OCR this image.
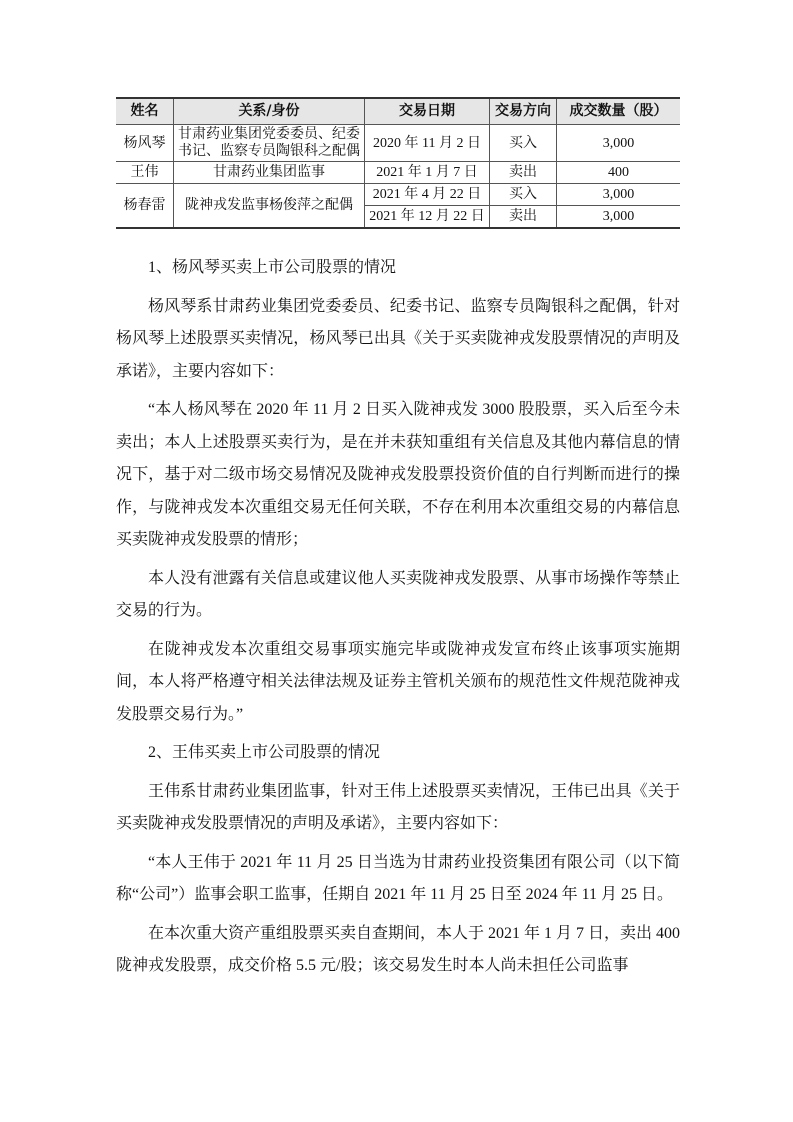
姓名	关系/身份	交易日期	交易方向	成交数量（股）
杨风琴	甘肃药业集团党委委员、纪委书记、监察专员陶银科之配偶	2020 年 11 月 2 日	买入	3,000
王伟	甘肃药业集团监事	2021 年 1 月 7 日	卖出	400
杨春雷	陇神戎发监事杨俊萍之配偶	2021 年 4 月 22 日	买入	3,000
		2021 年 12 月 22 日	卖出	3,000

1、杨风琴买卖上市公司股票的情况

杨风琴系甘肃药业集团党委委员、纪委书记、监察专员陶银科之配偶，针对杨风琴上述股票买卖情况，杨风琴已出具《关于买卖陇神戎发股票情况的声明及承诺》，主要内容如下：

“本人杨风琴在 2020 年 11 月 2 日买入陇神戎发 3000 股股票，买入后至今未卖出；本人上述股票买卖行为，是在并未获知重组有关信息及其他内幕信息的情况下，基于对二级市场交易情况及陇神戎发股票投资价值的自行判断而进行的操作，与陇神戎发本次重组交易无任何关联，不存在利用本次重组交易的内幕信息买卖陇神戎发股票的情形；

本人没有泄露有关信息或建议他人买卖陇神戎发股票、从事市场操作等禁止交易的行为。

在陇神戎发本次重组交易事项实施完毕或陇神戎发宣布终止该事项实施期间，本人将严格遵守相关法律法规及证券主管机关颁布的规范性文件规范陇神戎发股票交易行为。”

2、王伟买卖上市公司股票的情况

王伟系甘肃药业集团监事，针对王伟上述股票买卖情况，王伟已出具《关于买卖陇神戎发股票情况的声明及承诺》，主要内容如下：

“本人王伟于 2021 年 11 月 25 日当选为甘肃药业投资集团有限公司（以下简称“公司”）监事会职工监事，任期自 2021 年 11 月 25 日至 2024 年 11 月 25 日。

在本次重大资产重组股票买卖自查期间，本人于 2021 年 1 月 7 日，卖出 400 陇神戎发股票，成交价格 5.5 元/股；该交易发生时本人尚未担任公司监事
